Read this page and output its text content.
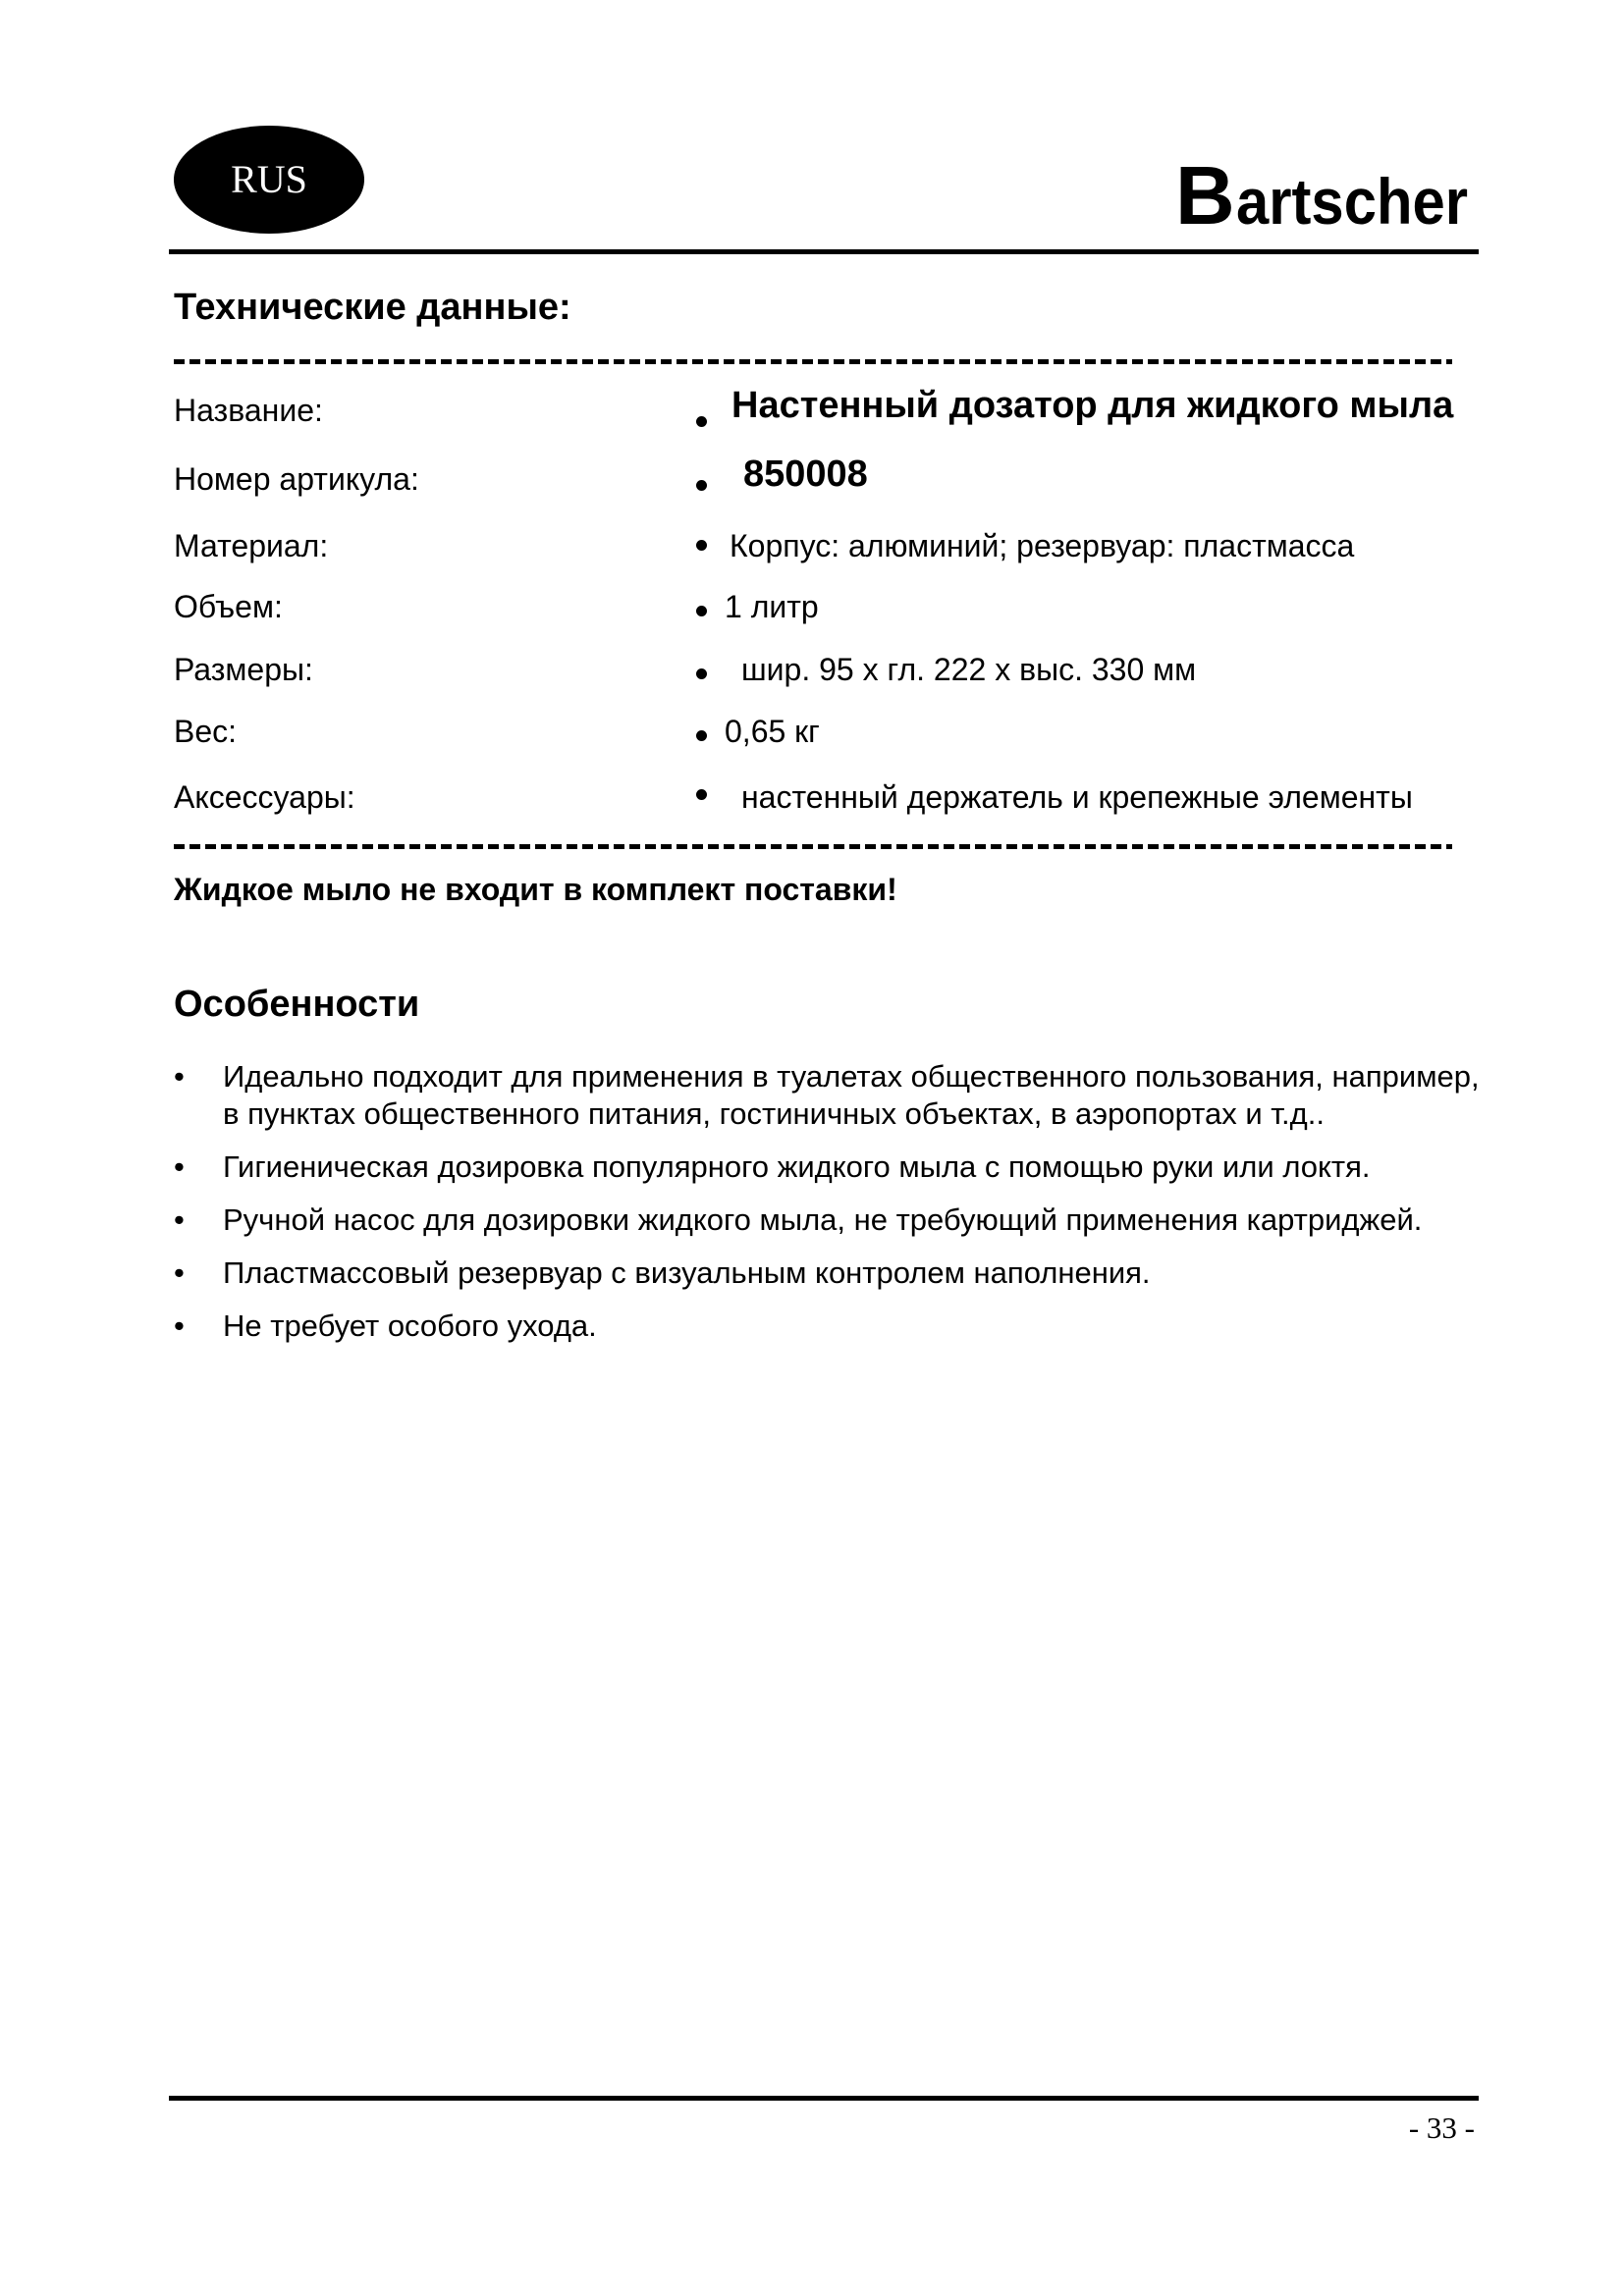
RUS	B artscher
Технические данные:
Название:	Настенный дозатор для жидкого мыла
Номер артикула:	850008
Материал:	Корпус: алюминий; резервуар: пластмасса
Объем:	1 литр
Размеры:	шир. 95 х гл. 222 х выс. 330 мм
Вес:	0,65 кг
Аксессуары:	настенный держатель и крепежные элементы
Жидкое мыло не входит в комплект поставки!
Особенности
• Идеально подходит для применения в туалетах общественного пользования, например, в пунктах общественного питания, гостиничных объектах, в аэропортах и т.д..
• Гигиеническая дозировка популярного жидкого мыла с помощью руки или локтя.
• Ручной насос для дозировки жидкого мыла, не требующий применения картриджей.
• Пластмассовый резервуар с визуальным контролем наполнения.
• Не требует особого ухода.
- 33 -
